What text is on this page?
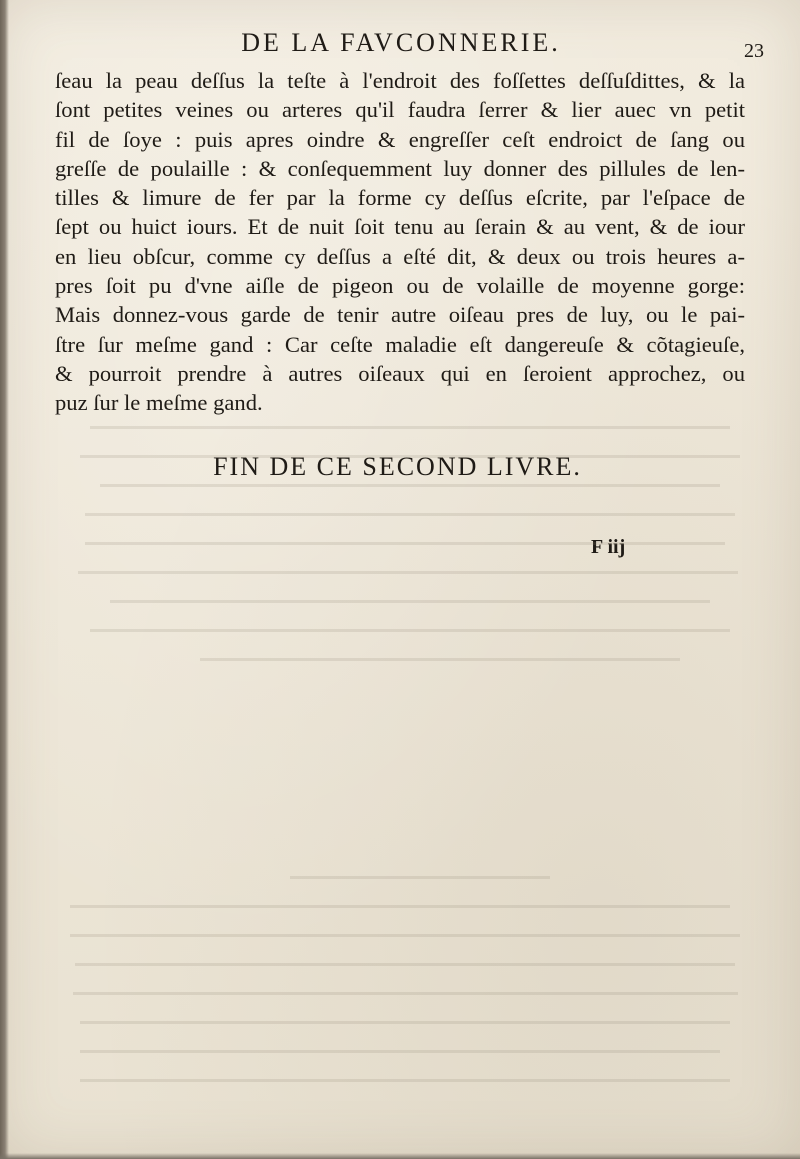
DE LA FAVCONNERIE.	23
ſeau la peau deſſus la teſte à l'endroit des foſſettes deſſuſdittes, & la
ſont petites veines ou arteres qu'il faudra ſerrer & lier auec vn petit
fil de ſoye : puis apres oindre & engreſſer ceſt endroict de ſang ou
greſſe de poulaille : & conſequemment luy donner des pillules de len-
tilles & limure de fer par la forme cy deſſus eſcrite, par l'eſpace de
ſept ou huict iours. Et de nuit ſoit tenu au ſerain & au vent, & de iour
en lieu obſcur, comme cy deſſus a eſté dit, & deux ou trois heures a-
pres ſoit pu d'vne aiſle de pigeon ou de volaille de moyenne gorge:
Mais donnez-vous garde de tenir autre oiſeau pres de luy, ou le pai-
ſtre ſur meſme gand : Car ceſte maladie eſt dangereuſe & cõtagieuſe,
& pourroit prendre à autres oiſeaux qui en ſeroient approchez, ou
puz ſur le meſme gand.
FIN DE CE SECOND LIVRE.
F iij
